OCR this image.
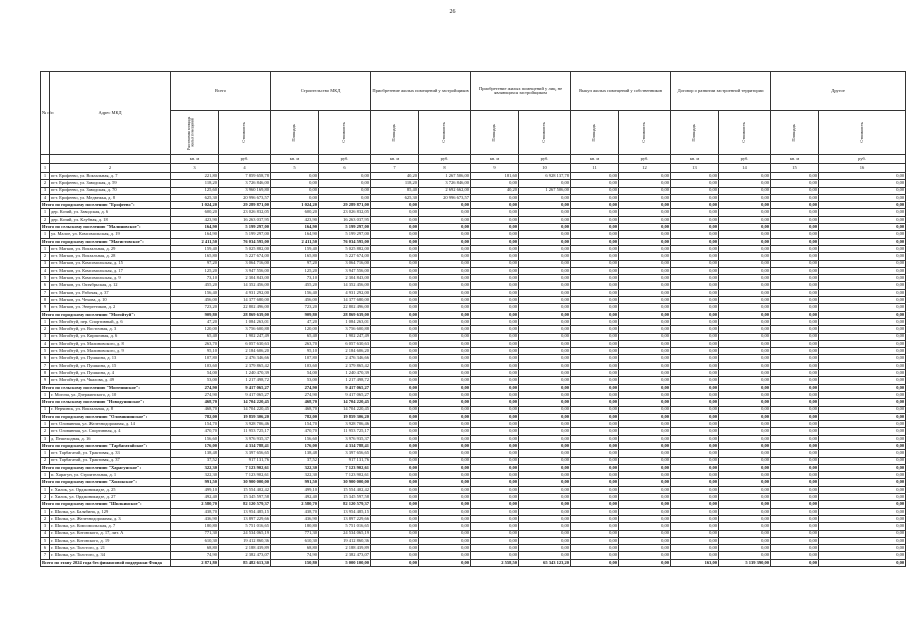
26
№ п/п	Адрес МКД	Всего		Строительство МКД		Приобретение жилых помещений у застройщиков		Приобретение жилых помещений у лиц, не являющихся застройщиком		Выкуп жилых помещений у собственников		Договор о развитии застроенной территории		Другое	

		Расселяемая площадь жилых помещений	Стоимость	Площадь	Стоимость	Площадь	Стоимость	Площадь	Стоимость	Площадь	Стоимость	Площадь	Стоимость	Площадь	Стоимость

		кв. м	руб.	кв. м	руб.	кв. м	руб.	кв. м	руб.	кв. м	руб.	кв. м	руб.	кв. м	руб.
1	2	3	4	5	6	7	8	9	10	11	12	13	14	15	16
1	пгт. Ерофеево, ул. Вокзальная, д. 7	221,80	7 859 658,78	0,00	0,00	40,20	1 267 506,00	181,60	6 928 137,78	0,00	0,00	0,00	0,00	0,00	0,00
2	пгт. Ерофеево, ул. Заводская, д. 59	118,20	3 726 846,00	0,00	0,00	118,20	3 726 846,00	0,00	0,00	0,00	0,00	0,00	0,00	0,00	0,00
3	пгт. Ерофеево, ул. Заводская, д. 70	125,60	3 960 169,80	0,00	0,00	85,40	2 692 662,00	40,20	1 267 506,00	0,00	0,00	0,00	0,00	0,00	0,00
4	пгт. Ерофеево, ул. Медвежья, д. 8	625,30	20 996 673,57	0,00	0,00	625,30	20 996 673,57	0,00	0,00	0,00	0,00	0,00	0,00	0,00	0,00
Итого по городскому поселению "Ерофеево":		1 024,20	29 289 871,00	1 024,20	29 289 871,00	0,00	0,00	0,00	0,00	0,00	0,00	0,00	0,00	0,00	0,00
1	дер. Козий, ул. Заводская, д. 6	600,20	23 026 832,05	600,20	23 026 832,05	0,00	0,00	0,00	0,00	0,00	0,00	0,00	0,00	0,00	0,00
2	дер. Козий, ул. Клубная, д. 18	423,90	16 263 037,95	423,90	16 263 037,95	0,00	0,00	0,00	0,00	0,00	0,00	0,00	0,00	0,00	0,00
Итого по сельскому поселению "Малиновское":		164,90	5 199 297,00	164,90	5 199 297,00	0,00	0,00	0,00	0,00	0,00	0,00	0,00	0,00	0,00	0,00
1	ул. Малое, ул. Комсомольская, д. 19	164,90	5 199 297,00	164,90	5 199 297,00	0,00	0,00	0,00	0,00	0,00	0,00	0,00	0,00	0,00	0,00
Итого по городскому поселению "Магистовское":		2 411,50	76 034 595,00	2 411,50	76 034 595,00	0,00	0,00	0,00	0,00	0,00	0,00	0,00	0,00	0,00	0,00
1	пгт. Магков, ул. Вокзальная, д. 29	159,40	5 025 882,00	159,40	5 025 882,00	0,00	0,00	0,00	0,00	0,00	0,00	0,00	0,00	0,00	0,00
2	пгт. Магков, ул. Вокзальная, д. 28	165,80	5 227 674,00	165,80	5 227 674,00	0,00	0,00	0,00	0,00	0,00	0,00	0,00	0,00	0,00	0,00
3	пгт. Магков, ул. Комсомольская, д. 15	97,20	3 064 716,00	97,20	3 064 716,00	0,00	0,00	0,00	0,00	0,00	0,00	0,00	0,00	0,00	0,00
4	пгт. Магков, ул. Комсомольская, д. 17	125,20	3 947 556,00	125,20	3 947 556,00	0,00	0,00	0,00	0,00	0,00	0,00	0,00	0,00	0,00	0,00
5	пгт. Магков, ул. Комсомольская, д. 9	73,10	2 304 843,00	73,10	2 304 843,00	0,00	0,00	0,00	0,00	0,00	0,00	0,00	0,00	0,00	0,00
6	пгт. Магков, ул. Октябрьская, д. 12	455,20	14 352 456,00	455,20	14 352 456,00	0,00	0,00	0,00	0,00	0,00	0,00	0,00	0,00	0,00	0,00
7	пгт. Магков, ул. Рабочая, д. 37	156,40	4 931 292,00	156,40	4 931 292,00	0,00	0,00	0,00	0,00	0,00	0,00	0,00	0,00	0,00	0,00
8	пгт. Магков, ул. Чехова, д. 10	456,00	14 377 680,00	456,00	14 377 680,00	0,00	0,00	0,00	0,00	0,00	0,00	0,00	0,00	0,00	0,00
9	пгт. Магков, ул. Энергетиков, д. 2	723,20	22 802 496,00	723,20	22 802 496,00	0,00	0,00	0,00	0,00	0,00	0,00	0,00	0,00	0,00	0,00
Итого по городскому поселению "Могойтуй":		909,80	28 869 639,00	909,80	28 869 639,00	0,00	0,00	0,00	0,00	0,00	0,00	0,00	0,00	0,00	0,00
1	пгт. Могойтуй, пер. Спортивный, д. 6	47,20	1 084 263,01	47,20	1 084 263,01	0,00	0,00	0,00	0,00	0,00	0,00	0,00	0,00	0,00	0,00
2	пгт. Могойтуй, ул. Восточная, д. 3	120,00	3 756 600,88	120,00	3 756 600,88	0,00	0,00	0,00	0,00	0,00	0,00	0,00	0,00	0,00	0,00
3	пгт. Могойтуй, ул. Кирпичная, д. 6	65,40	1 902 247,49	65,40	1 902 247,49	0,00	0,00	0,00	0,00	0,00	0,00	0,00	0,00	0,00	0,00
4	пгт. Могойтуй, ул. Малиновского, д. 8	263,70	6 057 630,63	263,70	6 057 630,63	0,00	0,00	0,00	0,00	0,00	0,00	0,00	0,00	0,00	0,00
5	пгт. Могойтуй, ул. Малиновского, д. 9	95,10	2 184 606,20	95,10	2 184 606,20	0,00	0,00	0,00	0,00	0,00	0,00	0,00	0,00	0,00	0,00
6	пгт. Могойтуй, ул. Пушкина, д. 13	107,80	2 476 346,66	107,80	2 476 346,66	0,00	0,00	0,00	0,00	0,00	0,00	0,00	0,00	0,00	0,00
7	пгт. Могойтуй, ул. Пушкина, д. 15	103,60	2 379 865,42	103,60	2 379 865,42	0,00	0,00	0,00	0,00	0,00	0,00	0,00	0,00	0,00	0,00
8	пгт. Могойтуй, ул. Пушкина, д. 4	54,00	1 240 470,39	54,00	1 240 470,39	0,00	0,00	0,00	0,00	0,00	0,00	0,00	0,00	0,00	0,00
9	пгт. Могойтуй, ул. Чкалова, д. 49	53,00	1 217 498,72	53,00	1 217 498,72	0,00	0,00	0,00	0,00	0,00	0,00	0,00	0,00	0,00	0,00
Итого по сельскому поселению "Могочинское":		274,90	9 417 065,27	274,90	9 417 065,27	0,00	0,00	0,00	0,00	0,00	0,00	0,00	0,00	0,00	0,00
1	г. Могоча, ул. Дзержинского, д. 10	274,90	9 417 065,27	274,90	9 417 065,27	0,00	0,00	0,00	0,00	0,00	0,00	0,00	0,00	0,00	0,00
Итого по сельскому поселению "Новодунинское":		468,70	14 704 220,45	468,70	14 704 220,45	0,00	0,00	0,00	0,00	0,00	0,00	0,00	0,00	0,00	0,00
1	г. Нерчинск, ул. Вокзальная, д. 8	468,70	14 704 220,45	468,70	14 704 220,45	0,00	0,00	0,00	0,00	0,00	0,00	0,00	0,00	0,00	0,00
Итого по городскому поселению "Оловяннинское":		782,00	19 859 306,20	782,00	19 859 306,20	0,00	0,00	0,00	0,00	0,00	0,00	0,00	0,00	0,00	0,00
1	пгт. Оловянная, ул. Железнодорожная, д. 14	154,70	3 928 706,46	154,70	3 928 706,46	0,00	0,00	0,00	0,00	0,00	0,00	0,00	0,00	0,00	0,00
2	пгт. Оловянная, ул. Спортивная, д. 4	470,70	11 953 725,17	470,70	11 953 725,17	0,00	0,00	0,00	0,00	0,00	0,00	0,00	0,00	0,00	0,00
3	д. Пешеходная, д. 16	156,60	3 976 935,37	156,60	3 976 935,37	0,00	0,00	0,00	0,00	0,00	0,00	0,00	0,00	0,00	0,00
Итого по городскому поселению "Тарбагатайское":		176,00	4 314 788,41	176,00	4 314 788,41	0,00	0,00	0,00	0,00	0,00	0,00	0,00	0,00	0,00	0,00
1	пгт. Тарбагатай, ул. Трактовая, д. 33	138,48	3 397 656,65	138,48	3 397 656,65	0,00	0,00	0,00	0,00	0,00	0,00	0,00	0,00	0,00	0,00
2	пгт. Тарбагатай, ул. Трактовая, д. 37	37,52	917 131,76	37,52	917 131,76	0,00	0,00	0,00	0,00	0,00	0,00	0,00	0,00	0,00	0,00
Итого по городскому поселению "Харагунское":		322,30	7 123 902,61	322,30	7 123 902,61	0,00	0,00	0,00	0,00	0,00	0,00	0,00	0,00	0,00	0,00
1	п. Харагун, ул. Строительная, д. 1	322,30	7 123 902,61	322,30	7 123 902,61	0,00	0,00	0,00	0,00	0,00	0,00	0,00	0,00	0,00	0,00
Итого по городскому поселению "Хилокское":		991,50	30 900 000,00	991,50	30 900 000,00	0,00	0,00	0,00	0,00	0,00	0,00	0,00	0,00	0,00	0,00
1	г. Хилок, ул. Орджоникидзе, д. 25	499,10	15 554 402,42	499,10	15 554 402,42	0,00	0,00	0,00	0,00	0,00	0,00	0,00	0,00	0,00	0,00
2	г. Хилок, ул. Орджоникидзе, д. 27	492,40	15 345 597,58	492,40	15 345 597,58	0,00	0,00	0,00	0,00	0,00	0,00	0,00	0,00	0,00	0,00
Итого по городскому поселению "Шилкинское":		2 580,70	82 120 579,37	2 580,70	82 120 579,37	0,00	0,00	0,00	0,00	0,00	0,00	0,00	0,00	0,00	0,00
1	г. Шилка, ул. Балябина, д. 129	438,70	13 954 485,15	438,70	13 954 485,15	0,00	0,00	0,00	0,00	0,00	0,00	0,00	0,00	0,00	0,00
2	г. Шилка, ул. Железнодорожная, д. 3	436,90	13 897 229,66	436,90	13 897 229,66	0,00	0,00	0,00	0,00	0,00	0,00	0,00	0,00	0,00	0,00
3	г. Шилка, ул. Комсомольская, д. 7	180,80	5 751 016,65	180,80	5 751 016,65	0,00	0,00	0,00	0,00	0,00	0,00	0,00	0,00	0,00	0,00
4	г. Шилка, ул. Котовского, д. 17, лит. А	771,30	24 534 065,19	771,30	24 534 065,19	0,00	0,00	0,00	0,00	0,00	0,00	0,00	0,00	0,00	0,00
5	г. Шилка, ул. Котовского, д. 19	610,30	19 412 860,36	610,30	19 412 860,36	0,00	0,00	0,00	0,00	0,00	0,00	0,00	0,00	0,00	0,00
6	г. Шилка, ул. Толстого, д. 21	68,80	2 188 439,89	68,80	2 188 439,89	0,00	0,00	0,00	0,00	0,00	0,00	0,00	0,00	0,00	0,00
7	г. Шилка, ул. Толстого, д. 34	74,90	2 382 473,07	74,90	2 382 473,07	0,00	0,00	0,00	0,00	0,00	0,00	0,00	0,00	0,00	0,00
Всего по этапу 2024 года без финансовой поддержки Фонда		2 871,80	85 482 613,30	150,80	5 000 100,00	0,00	0,00	2 558,50	65 343 123,20	0,00	0,00	163,00	5 139 390,00	0,00	0,00
